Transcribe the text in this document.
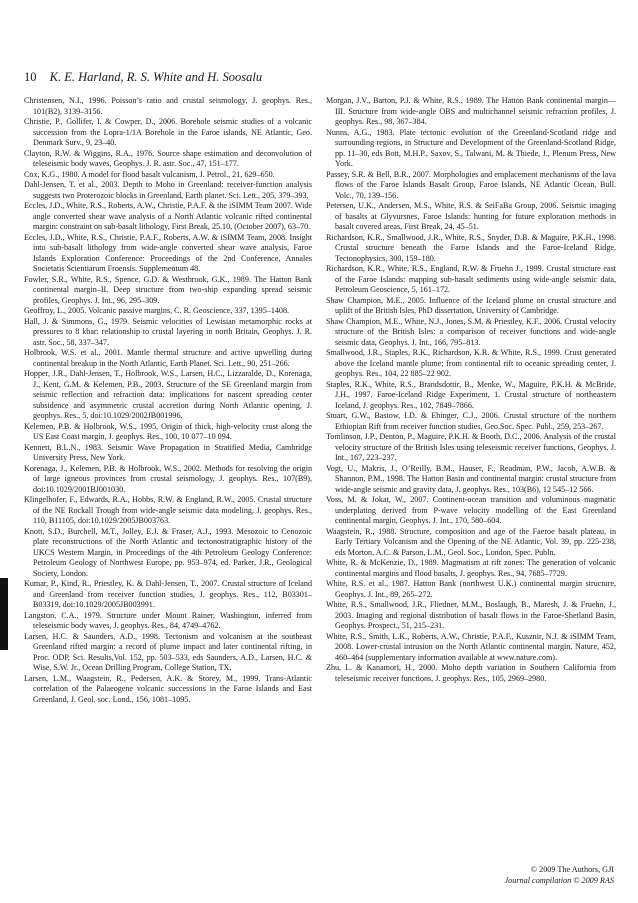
10 K. E. Harland, R. S. White and H. Soosalu

Christensen, N.I., 1996. Poisson’s ratio and crustal seismology, J. geophys. Res., 101(B2), 3139–3156.

Christie, P., Gollifer, I. & Cowper, D., 2006. Borehole seismic studies of a volcanic succession from the Lopra-1/1A Borehole in the Faroe islands, NE Atlantic, Geo. Denmark Surv., 9, 23–40.

Clayton, R.W. & Wiggins, R.A., 1976. Source shape estimation and deconvolution of teleseismic body waves, Geophys. J. R. astr. Soc., 47, 151–177.

Cox, K.G., 1980. A model for flood basalt vulcanism, J. Petrol., 21, 629–650.

Dahl-Jensen, T. et al., 2003. Depth to Moho in Greenland: receiver-function analysis suggests two Proterozoic blocks in Greenland, Earth planet. Sci. Lett., 205, 379–393.

Eccles, J.D., White, R.S., Roberts, A.W., Christie, P.A.F. & the iSIMM Team 2007. Wide angle converted shear wave analysis of a North Atlantic volcanic rifted continental margin: constraint on sub-basalt lithology, First Break, 25.10, (October 2007), 63–70.

Eccles, J.D., White, R.S., Christie, P.A.F., Roberts, A.W. & iSIMM Team, 2008. Insight into sub-basalt lithology from wide-angle converted shear wave analysis, Faroe Islands Exploration Conference: Proceedings of the 2nd Conference, Annales Societatis Scientiarum Froensis. Supplementum 48.

Fowler, S.R., White, R.S., Spence, G.D. & Westbrook, G.K., 1989. The Hatton Bank continental margin–II. Deep structure from two-ship expanding spread seismic profiles, Geophys. J. Int., 96, 295–309.

Geoffroy, L., 2005. Volcanic passive margins, C. R. Geoscience, 337, 1395–1408.

Hall, J. & Simmons, G., 1979. Seismic velocities of Lewisian metamorphic rocks at pressures to 8 kbar: relationship to crustal layering in north Britain, Geophys. J. R. astr. Soc., 58, 337–347.

Holbrook, W.S. et al., 2001. Mantle thermal structure and active upwelling during continental breakup in the North Atlantic, Earth Planet. Sci. Lett., 90, 251–266.

Hopper, J.R., Dahl-Jensen, T., Holbrook, W.S., Larsen, H.C., Lizzaralde, D., Korenaga, J., Kent, G.M. & Kelemen, P.B., 2003. Structure of the SE Greenland margin from seismic reflection and refraction data: implications for nascent spreading center subsidence and asymmetric crustal accretion during North Atlantic opening, J. geophys. Res., 5, doi:10.1029/2002JB001996.

Kelemen, P.B. & Holbrook, W.S., 1995, Origin of thick, high-velocity crust along the US East Coast margin, J. geophys. Res., 100, 10 077–10 094.

Kennett, B.L.N., 1983. Seismic Wave Propagation in Stratified Media, Cambridge University Press, New York.

Korenaga, J., Kelemen, P.B. & Holbrook, W.S., 2002. Methods for resolving the origin of large igneous provinces from crustal seismology, J. geophys. Res., 107(B9), doi:10.1029/2001BJ001030.

Klingelhofer, F., Edwards, R.A., Hobbs, R.W. & England, R.W., 2005. Crustal structure of the NE Rockall Trough from wide-angle seismic data modeling, J. geophys. Res., 110, B11105, doi:10.1029/2005JB003763.

Knott, S.D., Burchell, M.T., Jolley, E.J. & Fraser, A.J., 1993. Mesozoic to Cenozoic plate reconstructions of the North Atlantic and tectonostratigraphic history of the UKCS Western Margin, in Proceedings of the 4th Petroleum Geology Conference: Petroleum Geology of Northwest Europe, pp. 953–974, ed. Parker, J.R., Geological Society, London.

Kumar, P., Kind, R., Priestley, K. & Dahl-Jensen, T., 2007. Crustal structure of Iceland and Greenland from receiver function studies, J. geophys. Res., 112, B03301–B03319, doi:10.1029/2005JB003991.

Langston, C.A., 1979. Structure under Mount Rainer, Washington, inferred from teleseismic body waves, J. geophys. Res., 84, 4749–4762.

Larsen, H.C. & Saunders, A.D., 1998. Tectonism and volcanism at the southeast Greenland rifted margin: a record of plume impact and later continental rifting, in Proc. ODP, Sci. Results,Vol. 152, pp. 503–533, eds Saunders, A.D., Larsen, H.C. & Wise, S.W. Jr., Ocean Drilling Program, College Station, TX,

Larsen, L.M., Waagstein, R., Pedersen, A.K. & Storey, M., 1999. Trans-Atlantic correlation of the Palaeogene volcanic successions in the Faroe Islands and East Greenland, J. Geol. soc. Lond., 156, 1081–1095.

Morgan, J.V., Barton, P.J. & White, R.S., 1989. The Hatton Bank continental margin—III. Structure from wide-angle OBS and multichannel seismic refraction profiles, J. geophys. Res., 98, 367–384.

Nunns, A.G., 1983. Plate tectonic evolution of the Greenland-Scotland ridge and surrounding regions, in Structure and Development of the Greenland-Scotland Ridge, pp. 11–30, eds Bott, M.H.P., Saxov, S., Talwani, M. & Thiede, J., Plenum Press, New York.

Passey, S.R. & Bell, B.R., 2007. Morphologies and emplacement mechanisms of the lava flows of the Faroe Islands Basalt Group, Faroe Islands, NE Atlantic Ocean, Bull. Volc., 70, 139–156.

Petersen, U.K., Andersen, M.S., White, R.S. & SeiFaBa Group, 2006. Seismic imaging of basalts at Glyvursnes, Faroe Islands: hunting for future exploration methods in basalt covered areas, First Break, 24, 45–51.

Richardson, K.R., Smallwood, J.R., White, R.S., Snyder, D.B. & Maguire, P.K.H., 1998. Crustal structure beneath the Faroe Islands and the Faroe-Iceland Ridge, Tectonophysics, 300, 159–180.

Richardson, K.R., White, R.S., England, R.W. & Fruehn J., 1999. Crustal structure east of the Faroe Islands: mapping sub-basalt sediments using wide-angle seismic data, Petroleum Geoscience, 5, 161–172.

Shaw Champion, M.E., 2005. Influence of the Iceland plume on crustal structure and uplift of the British Isles, PhD dissertation, University of Cambridge.

Shaw Champion, M.E., White, N.J., Jones, S.M. & Priestley, K.F., 2006. Crustal velocity structure of the British Isles: a comparison of receiver functions and wide-angle seismic data, Geophys. J. Int., 166, 795–813.

Smallwood, J.R., Staples, R.K., Richardson, K.R. & White, R.S., 1999. Crust generated above the Iceland mantle plume; from continental rift to oceanic spreading center, J. geophys. Res., 104, 22 885–22 902.

Staples, R.K., White, R.S., Brandsdottir, B., Menke, W., Maguire, P.K.H. & McBride, J.H., 1997. Faroe-Iceland Ridge Experiment, 1. Crustal structure of northeastern Iceland, J. geophys. Res., 102, 7849–7866.

Stuart, G.W., Bastow, I.D. & Ebinger, C.J., 2006. Crustal structure of the northern Ethiopian Rift from receiver function studies, Geo.Soc. Spec. Publ., 259, 253–267.

Tomlinson, J.P., Denton, P., Maguire, P.K.H. & Booth, D.C., 2006. Analysis of the crustal velocity structure of the British Isles using teleseismic receiver functions, Geophys. J. Int., 167, 223–237.

Vogt, U., Makris, J., O’Reilly, B.M., Hauser, F., Readman, P.W., Jacob, A.W.B. & Shannon, P.M., 1998. The Hatton Basin and continental margin: crustal structure from wide-angle seismic and gravity data, J. geophys. Res., 103(B6), 12 545–12 566.

Voss, M. & Jokat, W., 2007. Continent-ocean transition and voluminous magmatic underplating derived from P-wave velocity modelling of the East Greenland continental margin, Geophys. J. Int., 170, 580–604.

Waagstein, R., 1988. Structure, composition and age of the Faeroe basalt plateau, in Early Tertiary Volcanism and the Opening of the NE Atlantic, Vol. 39, pp. 225-238, eds Morton, A.C. & Parson, L.M., Geol. Soc., London, Spec. Publn.

White, R. & McKenzie, D., 1989. Magmatism at rift zones: The generation of volcanic continental margins and flood basalts, J. geophys. Res., 94, 7685–7729.

White, R.S. et al., 1987. Hatton Bank (northwest U.K.) continental margin structure, Geophys. J. Int., 89, 265–272.

White, R.S., Smallwood, J.R., Fliedner, M.M., Boslaugh, B., Maresh, J. & Fruehn, J., 2003. Imaging and regional distribution of basalt flows in the Faroe-Shetland Basin, Geophys. Prospect., 51, 215–231.

White, R.S., Smith, L.K., Roberts, A.W., Christie, P.A.F., Kusznir, N.J. & iSIMM Team, 2008. Lower-crustal intrusion on the North Atlantic continental margin, Nature, 452, 460–464 (supplementary information available at www.nature.com).

Zhu, L. & Kanamori, H., 2000. Moho depth variation in Southern California from teleseismic receiver functions, J. geophys. Res., 105, 2969–2980.

© 2009 The Authors, GJI
Journal compilation © 2009 RAS
